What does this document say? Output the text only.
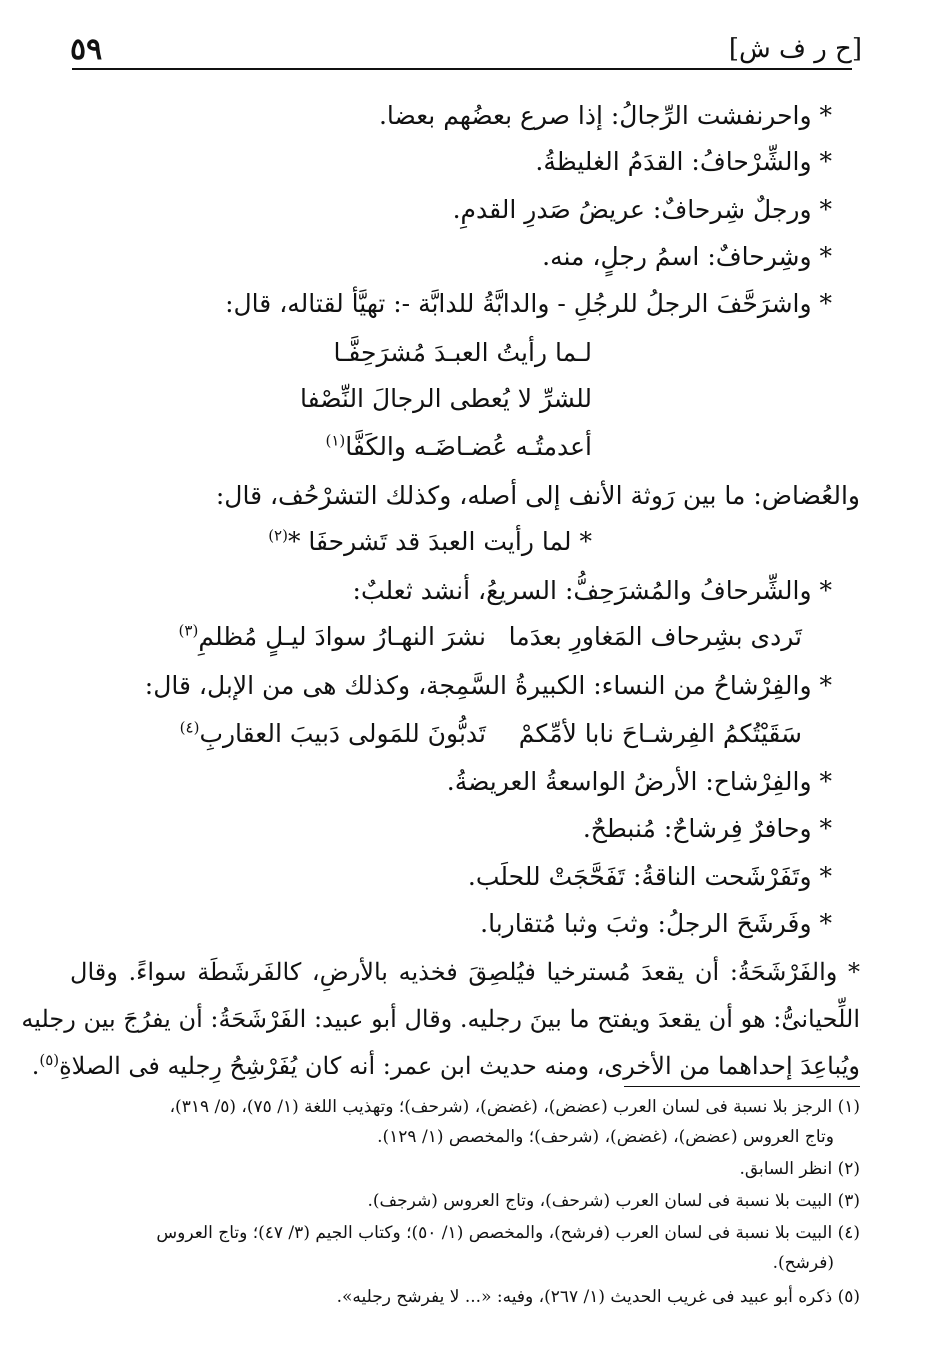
[ح ر ف ش]
٥٩
* واحرنفشت الرِّجالُ: إذا صرع بعضُهم بعضا.
* والشِّرْحافُ: القدَمُ الغليظةُ.
* ورجلٌ شِرحافٌ: عريضُ صَدرِ القدمِ.
* وشِرحافٌ: اسمُ رجلٍ، منه.
* واشرَحَّفَ الرجلُ للرجُلِ - والدابَّةُ للدابَّة -: تهيَّأ لقتاله، قال:
لـما رأيتُ العبـدَ مُشرَحِفَّـا
للشرِّ لا يُعطى الرجالَ النِّصْفا
أعدمتُـه عُضـاضَـه والكَفَّا$^{(١)}$
والعُضاض: ما بين رَوثة الأنف إلى أصله، وكذلك التشرْحُف، قال:
* لما رأيت العبدَ قد تَشرحفَا *$^{(٢)}$
* والشِّرحافُ والمُشرَحِفُّ: السريعُ، أنشد ثعلبٌ:
تَردى بشِرحاف المَغاورِ بعدَما
نشرَ النهـارُ سوادَ ليـلٍ مُظلمِ$^{(٣)}$
* والفِرْشاحُ من النساء: الكبيرةُ السَّمِجة، وكذلك هى من الإبل، قال:
سَقَيْتُكمُ الفِرشـاحَ نابا لأمِّكمْ
تَدبُّونَ للمَولى دَبيبَ العقاربِ$^{(٤)}$
* والفِرْشاح: الأرضُ الواسعةُ العريضةُ.
* وحافرٌ فِرشاحٌ: مُنبطحٌ.
* وتَفَرْشَحت الناقةُ: تَفَحَّجَتْ للحلَب.
* وفَرشَحَ الرجلُ: وثبَ وثبا مُتقاربا.
* والفَرْشَحَةُ: أن يقعدَ مُسترخيا فيُلصِقَ فخذيه بالأرضِ، كالفَرشَطَة سواءً. وقال
اللِّحيانىُّ: هو أن يقعدَ ويفتح ما بينَ رجليه. وقال أبو عبيد: الفَرْشَحَةُ: أن يفرُجَ بين رجليه
ويُباعِدَ إحداهما من الأخرى، ومنه حديث ابن عمر: أنه كان يُفَرْشِحُ رِجليه فى الصلاةِ$^{(٥)}$.
(١) الرجز بلا نسبة فى لسان العرب (عضض)، (غضض)، (شرحف)؛ وتهذيب اللغة (١/ ٧٥)، (٥/ ٣١٩)،
وتاج العروس (عضض)، (غضض)، (شرحف)؛ والمخصص (١/ ١٢٩).
(٢) انظر السابق.
(٣) البيت بلا نسبة فى لسان العرب (شرحف)، وتاج العروس (شرجف).
(٤) البيت بلا نسبة فى لسان العرب (فرشح)، والمخصص (١/ ٥٠)؛ وكتاب الجيم (٣/ ٤٧)؛ وتاج العروس
(فرشح).
(٥) ذكره أبو عبيد فى غريب الحديث (١/ ٢٦٧)، وفيه: «... لا يفرشح رجليه».
